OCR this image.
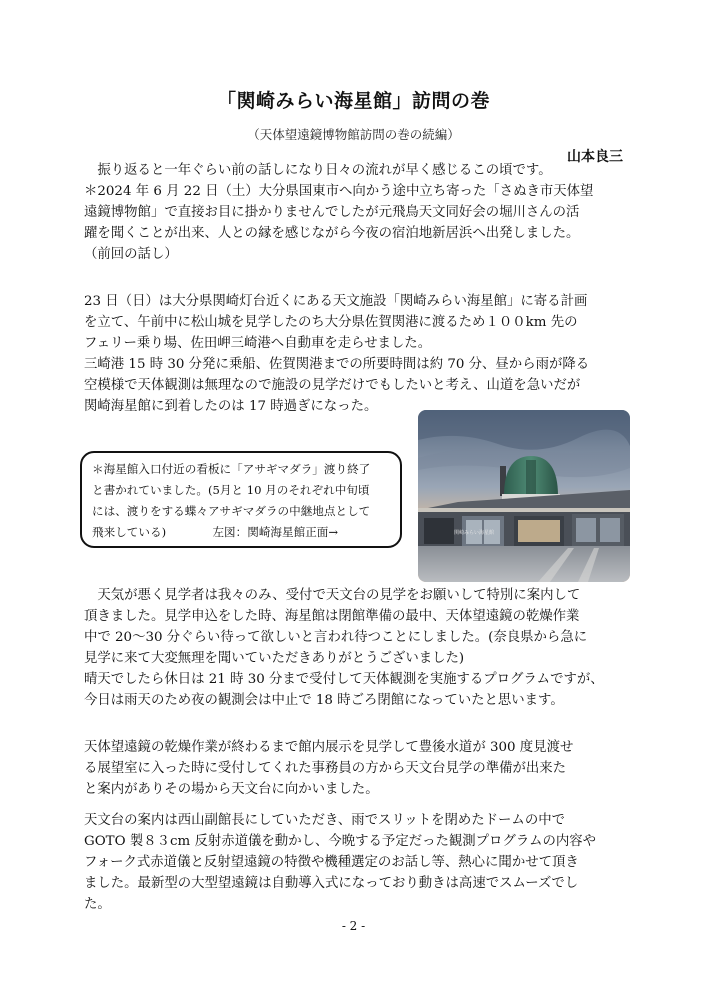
「関崎みらい海星館」訪問の巻
（天体望遠鏡博物館訪問の巻の続編）
山本良三
　振り返ると一年ぐらい前の話しになり日々の流れが早く感じるこの頃です。
＊2024 年 6 月 22 日（土）大分県国東市へ向かう途中立ち寄った「さぬき市天体望
遠鏡博物館」で直接お目に掛かりませんでしたが元飛鳥天文同好会の堀川さんの活
躍を聞くことが出来、人との縁を感じながら今夜の宿泊地新居浜へ出発しました。
（前回の話し）
23 日（日）は大分県関崎灯台近くにある天文施設「関崎みらい海星館」に寄る計画
を立て、午前中に松山城を見学したのち大分県佐賀関港に渡るため１００km 先の
フェリー乗り場、佐田岬三崎港へ自動車を走らせました。
三崎港 15 時 30 分発に乗船、佐賀関港までの所要時間は約 70 分、昼から雨が降る
空模様で天体観測は無理なので施設の見学だけでもしたいと考え、山道を急いだが
関崎海星館に到着したのは 17 時過ぎになった。
＊海星館入口付近の看板に「アサギマダラ」渡り終了
と書かれていました。(5月と 10 月のそれぞれ中旬頃
には、渡りをする蝶々アサギマダラの中継地点として
飛来している)　　　　左図：関崎海星館正面→	関崎みらい海星館
　天気が悪く見学者は我々のみ、受付で天文台の見学をお願いして特別に案内して
頂きました。見学申込をした時、海星館は閉館準備の最中、天体望遠鏡の乾燥作業
中で 20～30 分ぐらい待って欲しいと言われ待つことにしました。(奈良県から急に
見学に来て大変無理を聞いていただきありがとうございました)
晴天でしたら休日は 21 時 30 分まで受付して天体観測を実施するプログラムですが、
今日は雨天のため夜の観測会は中止で 18 時ごろ閉館になっていたと思います。
天体望遠鏡の乾燥作業が終わるまで館内展示を見学して豊後水道が 300 度見渡せ
る展望室に入った時に受付してくれた事務員の方から天文台見学の準備が出来た
と案内がありその場から天文台に向かいました。
天文台の案内は西山副館長にしていただき、雨でスリットを閉めたドームの中で
GOTO 製８３cm 反射赤道儀を動かし、今晩する予定だった観測プログラムの内容や
フォーク式赤道儀と反射望遠鏡の特徴や機種選定のお話し等、熱心に聞かせて頂き
ました。最新型の大型望遠鏡は自動導入式になっており動きは高速でスムーズでし
た。
- 2 -
